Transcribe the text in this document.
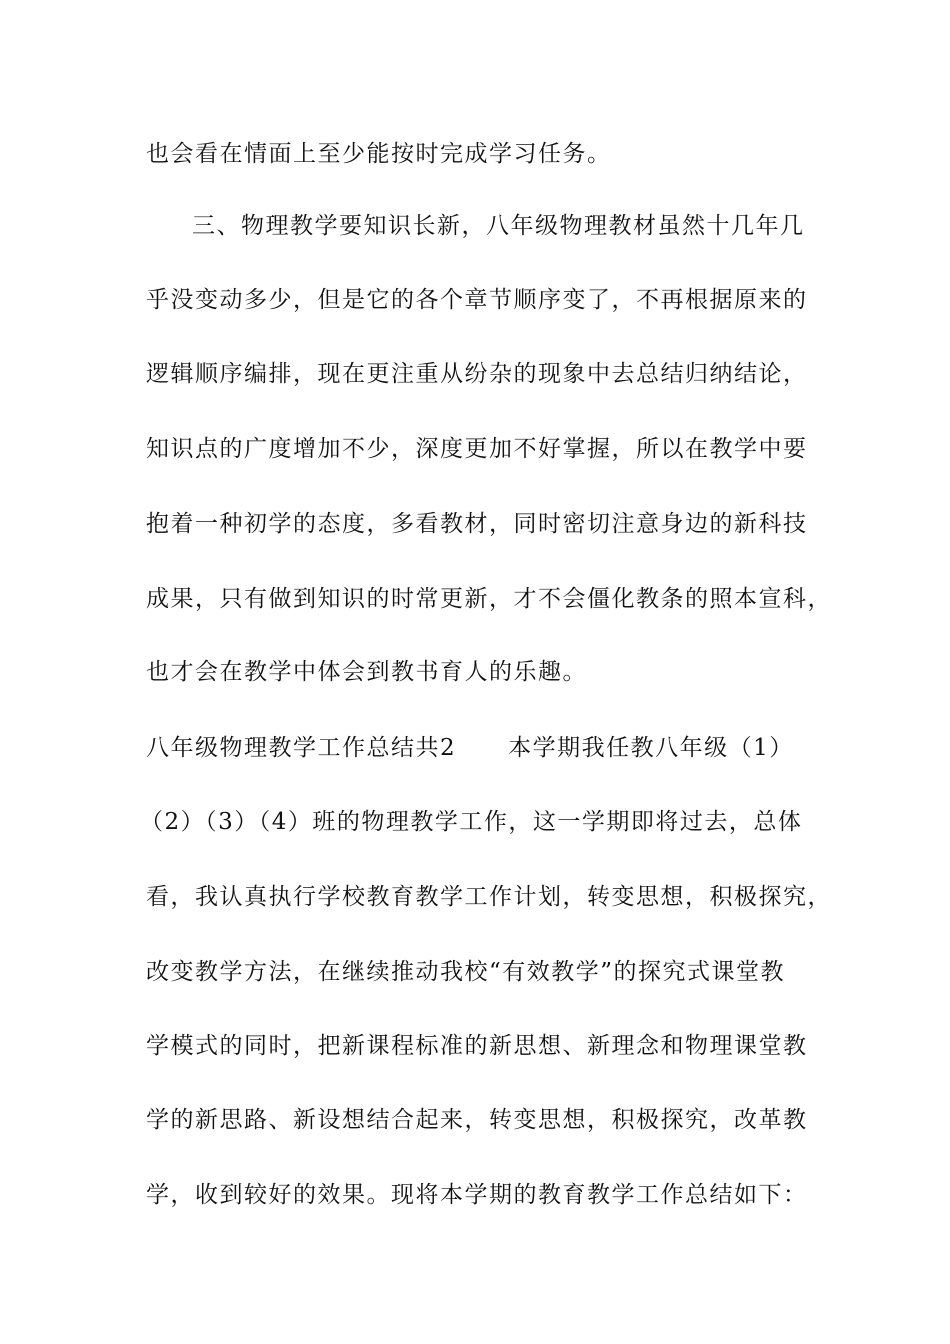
也会看在情面上至少能按时完成学习任务。
三、物理教学要知识长新，八年级物理教材虽然十几年几
乎没变动多少，但是它的各个章节顺序变了，不再根据原来的
逻辑顺序编排，现在更注重从纷杂的现象中去总结归纳结论，
知识点的广度增加不少，深度更加不好掌握，所以在教学中要
抱着一种初学的态度，多看教材，同时密切注意身边的新科技
成果，只有做到知识的时常更新，才不会僵化教条的照本宣科，
也才会在教学中体会到教书育人的乐趣。
八年级物理教学工作总结共2 本学期我任教八年级（1）
（2）（3）（4）班的物理教学工作，这一学期即将过去，总体
看，我认真执行学校教育教学工作计划，转变思想，积极探究，
改变教学方法，在继续推动我校“有效教学”的探究式课堂教
学模式的同时，把新课程标准的新思想、新理念和物理课堂教
学的新思路、新设想结合起来，转变思想，积极探究，改革教
学，收到较好的效果。现将本学期的教育教学工作总结如下：
